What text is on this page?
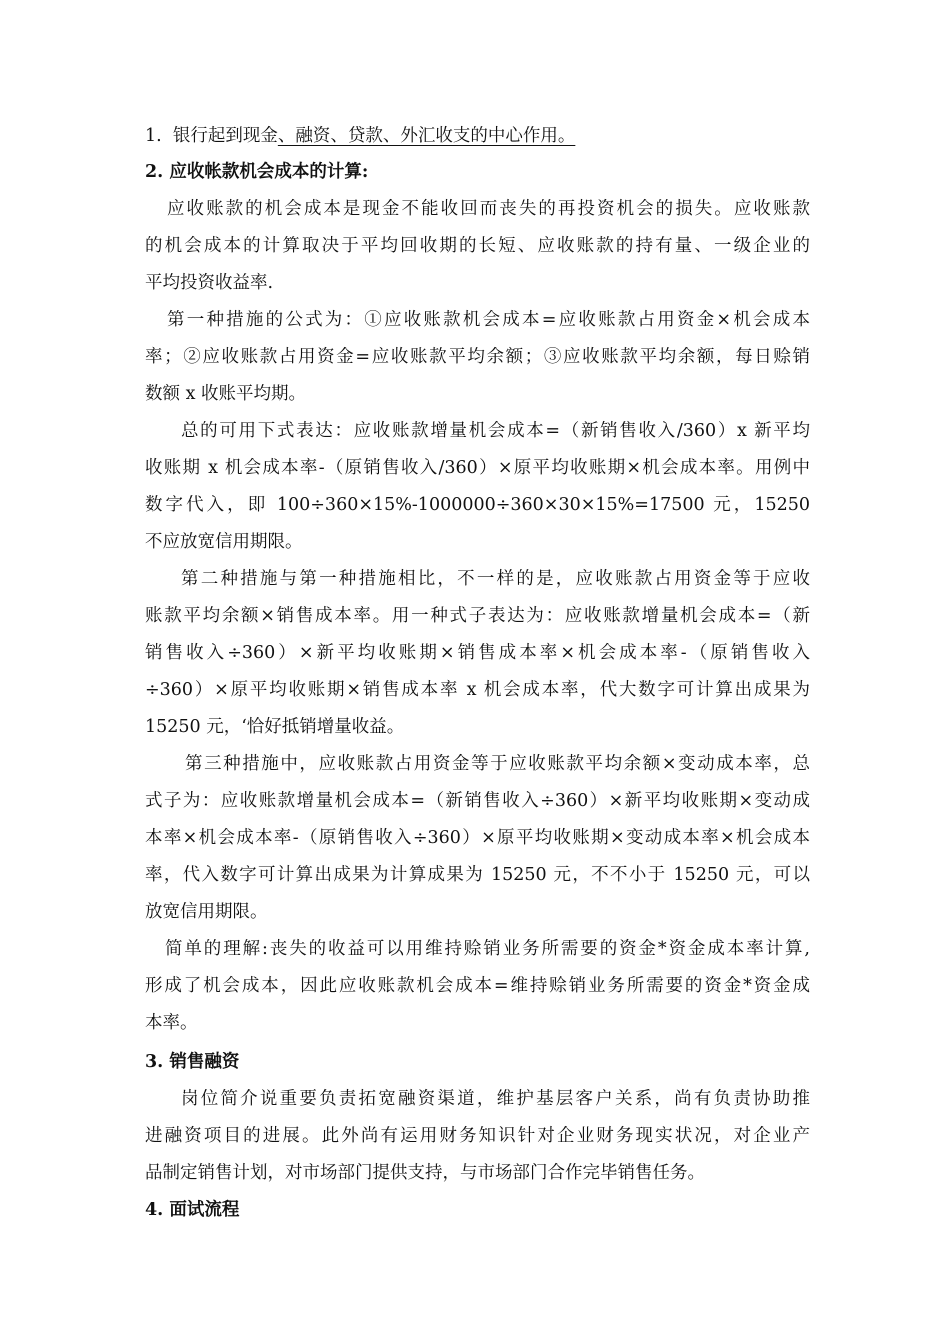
1. 银行起到现金、融资、贷款、外汇收支的中心作用。
2. 应收帐款机会成本的计算:
应收账款的机会成本是现金不能收回而丧失的再投资机会的损失。应收账款
的机会成本的计算取决于平均回收期的长短、应收账款的持有量、一级企业的
平均投资收益率.
第一种措施的公式为：①应收账款机会成本=应收账款占用资金×机会成本
率；②应收账款占用资金=应收账款平均余额；③应收账款平均余额，每日赊销
数额 x 收账平均期。
总的可用下式表达：应收账款增量机会成本=（新销售收入/360）x 新平均
收账期 x 机会成本率-（原销售收入/360）×原平均收账期×机会成本率。用例中
数字代入，即 100÷360×15%-1000000÷360×30×15%=17500 元，15250
不应放宽信用期限。
第二种措施与第一种措施相比，不一样的是，应收账款占用资金等于应收
账款平均余额×销售成本率。用一种式子表达为：应收账款增量机会成本=（新
销售收入÷360）×新平均收账期×销售成本率×机会成本率-（原销售收入
÷360）×原平均收账期×销售成本率 x 机会成本率，代大数字可计算出成果为
15250 元，‘恰好抵销增量收益。
第三种措施中，应收账款占用资金等于应收账款平均余额×变动成本率，总
式子为：应收账款增量机会成本=（新销售收入÷360）×新平均收账期×变动成
本率×机会成本率-（原销售收入÷360）×原平均收账期×变动成本率×机会成本
率，代入数字可计算出成果为计算成果为 15250 元，不不小于 15250 元，可以
放宽信用期限。
简单的理解:丧失的收益可以用维持赊销业务所需要的资金*资金成本率计算,
形成了机会成本，因此应收账款机会成本=维持赊销业务所需要的资金*资金成
本率。
3. 销售融资
岗位简介说重要负责拓宽融资渠道，维护基层客户关系，尚有负责协助推
进融资项目的进展。此外尚有运用财务知识针对企业财务现实状况，对企业产
品制定销售计划，对市场部门提供支持，与市场部门合作完毕销售任务。
4. 面试流程
